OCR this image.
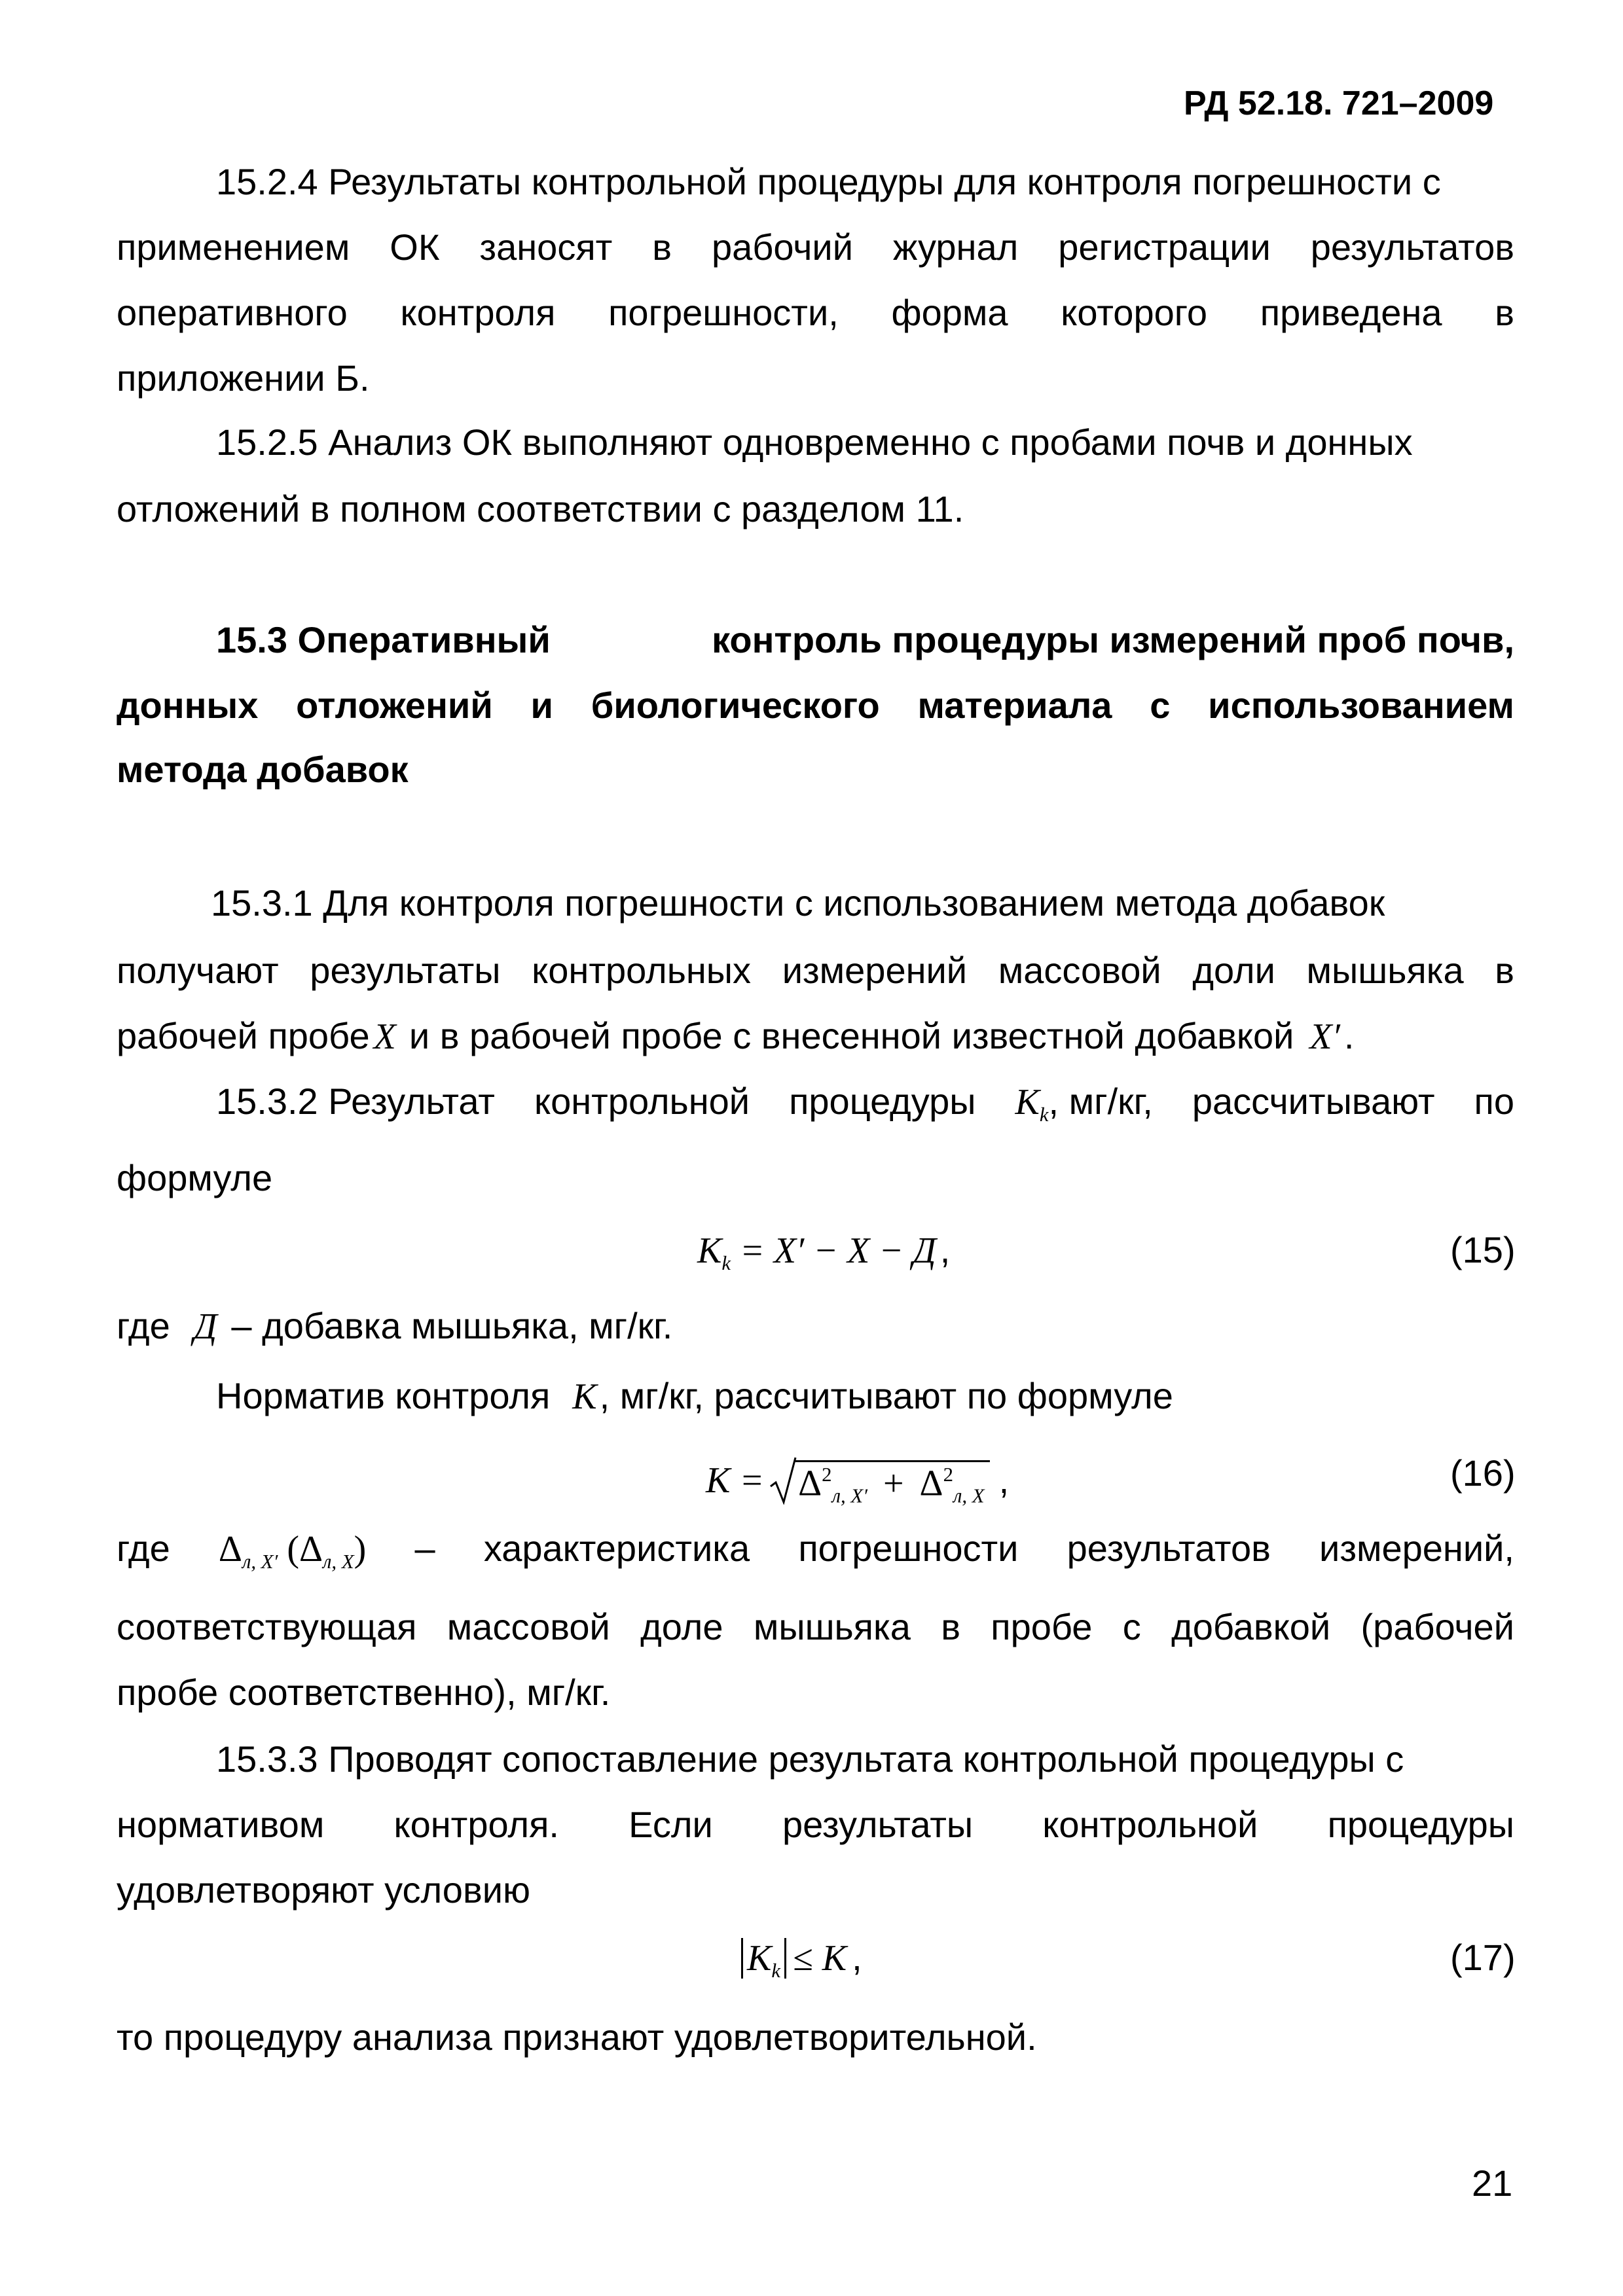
РД 52.18. 721–2009
15.2.4 Результаты контрольной процедуры для контроля погрешности с
применением ОК заносят в рабочий журнал регистрации результатов
оперативного контроля погрешности, форма которого приведена в
приложении Б.
15.2.5 Анализ ОК выполняют одновременно с пробами почв и донных
отложений в полном соответствии с разделом 11.
15.3 Оперативный	контроль процедуры измерений проб почв,
донных отложений и биологического материала с использованием
метода добавок
15.3.1 Для контроля погрешности с использованием метода добавок
получают результаты контрольных измерений массовой доли мышьяка в
рабочей пробе X и в рабочей пробе с внесенной известной добавкой X′ .
15.3.2 Результат контрольной процедуры $K_k$, мг/кг, рассчитывают по
формуле
$K_k = X' - X - Д$ ,	(15)
где Д – добавка мышьяка, мг/кг.
Норматив контроля K, мг/кг, рассчитывают по формуле
$K = \Delta^2_{л, X'} + \Delta^2_{л, X}$ ,	(16)
где $\Delta_{л, X'}$ $(\Delta_{л, X})$ – характеристика погрешности результатов измерений,
соответствующая массовой доле мышьяка в пробе с добавкой (рабочей
пробе соответственно), мг/кг.
15.3.3 Проводят сопоставление результата контрольной процедуры с
нормативом контроля. Если результаты контрольной процедуры
удовлетворяют условию
$K_k \le K$ ,	(17)
то процедуру анализа признают удовлетворительной.
21
